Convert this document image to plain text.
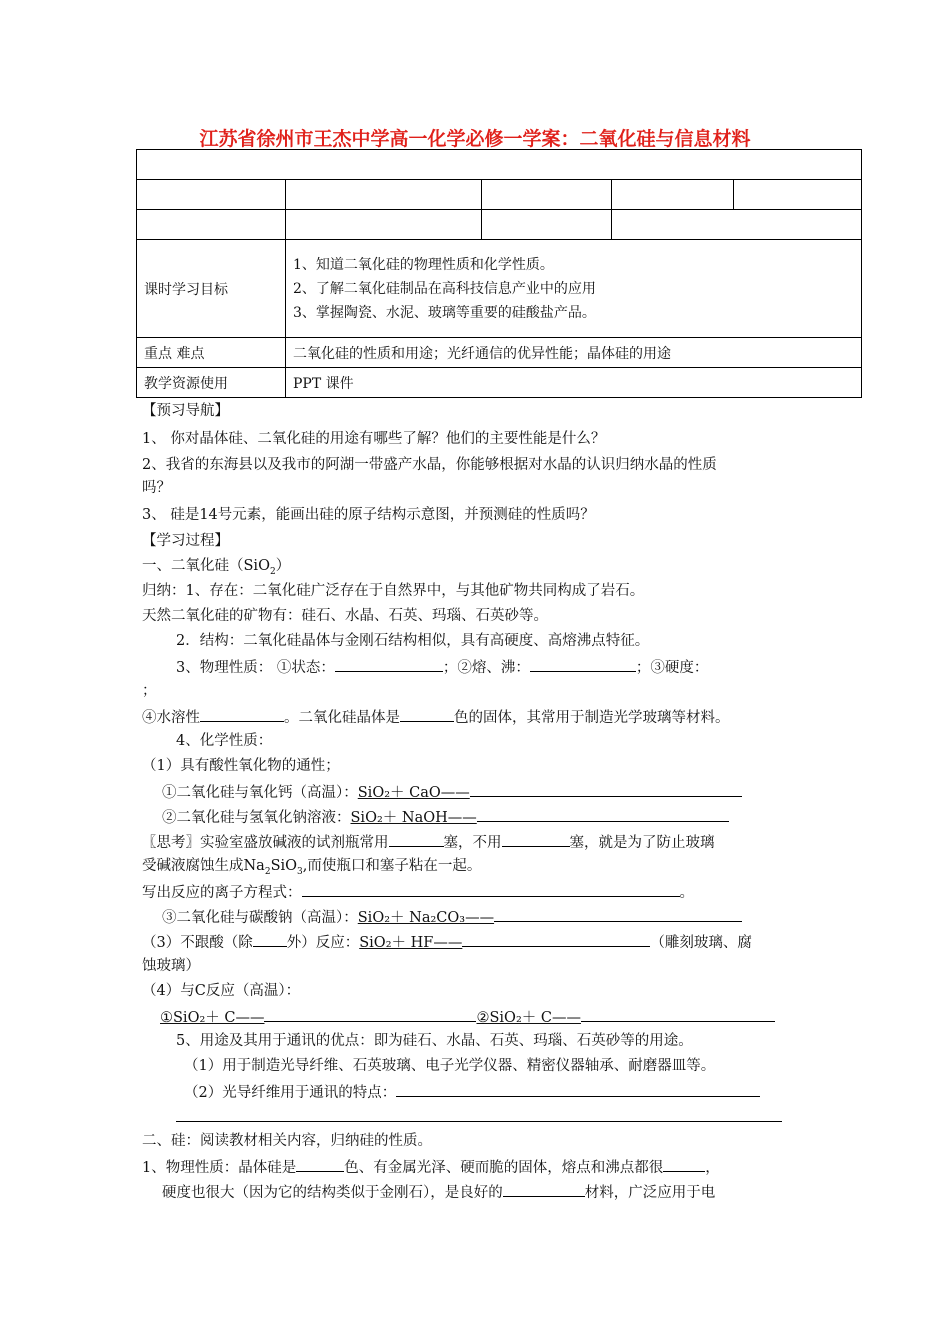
江苏省徐州市王杰中学高一化学必修一学案：二氧化硅与信息材料

课时学习目标	1、知道二氧化硅的物理性质和化学性质。
2、了解二氧化硅制品在高科技信息产业中的应用
3、掌握陶瓷、水泥、玻璃等重要的硅酸盐产品。			

重点 难点	二氧化硅的性质和用途；光纤通信的优异性能；晶体硅的用途			
教学资源使用	PPT 课件			
【预习导航】
1、 你对晶体硅、二氧化硅的用途有哪些了解？他们的主要性能是什么？
2、我省的东海县以及我市的阿湖一带盛产水晶，你能够根据对水晶的认识归纳水晶的性质
吗？
3、 硅是14号元素，能画出硅的原子结构示意图，并预测硅的性质吗？
【学习过程】
一、二氧化硅（SiO$_2$）
归纳：1、存在：二氧化硅广泛存在于自然界中，与其他矿物共同构成了岩石。
天然二氧化硅的矿物有：硅石、水晶、石英、玛瑙、石英砂等。
2．结构：二氧化硅晶体与金刚石结构相似，具有高硬度、高熔沸点特征。
3、物理性质： ①状态：	；②熔、沸：	；③硬度：
；
④水溶性	。二氧化硅晶体是	色的固体，其常用于制造光学玻璃等材料。
4、化学性质：
（1）具有酸性氧化物的通性；
①二氧化硅与氧化钙（高温）：SiO₂＋ CaO——
②二氧化硅与氢氧化钠溶液：SiO₂＋ NaOH——
〖思考〗实验室盛放碱液的试剂瓶常用	塞，不用	塞，就是为了防止玻璃
受碱液腐蚀生成$Na_2SiO_3$,而使瓶口和塞子粘在一起。
写出反应的离子方程式：	。
③二氧化硅与碳酸钠（高温）：SiO₂＋ Na₂CO₃——
（3）不跟酸（除 外）反应：SiO₂＋ HF——	（雕刻玻璃、腐
蚀玻璃）
（4）与C反应（高温）：
①SiO₂＋ C——	②SiO₂＋ C——
5、用途及其用于通讯的优点：即为硅石、水晶、石英、玛瑙、石英砂等的用途。
（1）用于制造光导纤维、石英玻璃、电子光学仪器、精密仪器轴承、耐磨器皿等。
（2）光导纤维用于通讯的特点：
二、硅：阅读教材相关内容，归纳硅的性质。
1、物理性质：晶体硅是	色、有金属光泽、硬而脆的固体，熔点和沸点都很	，
硬度也很大（因为它的结构类似于金刚石），是良好的	材料，广泛应用于电
